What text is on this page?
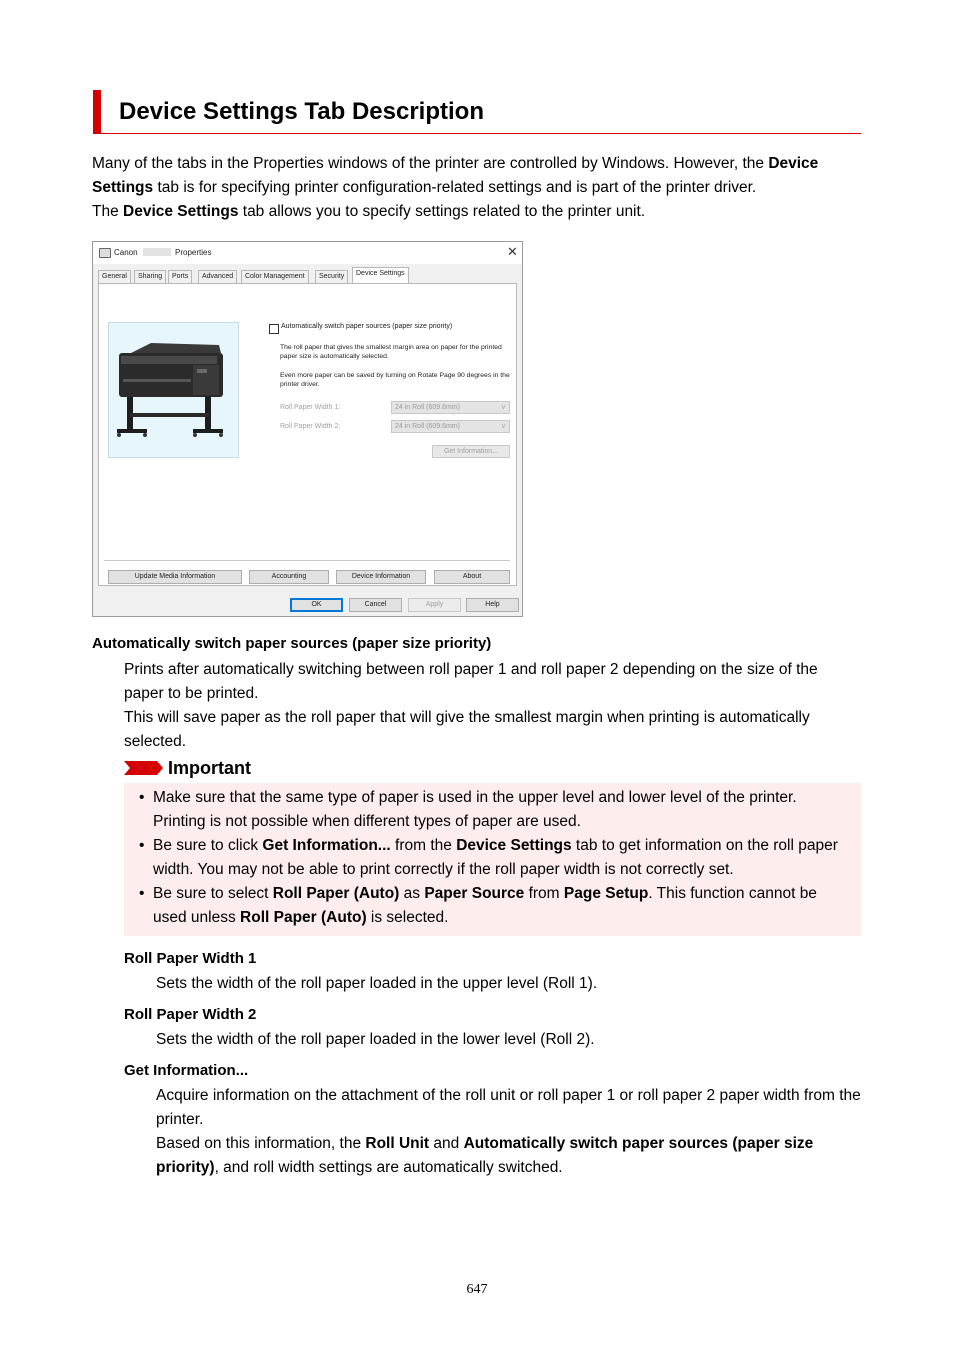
Device Settings Tab Description

Many of the tabs in the Properties windows of the printer are controlled by Windows. However, the Device Settings tab is for specifying printer configuration-related settings and is part of the printer driver.

The Device Settings tab allows you to specify settings related to the printer unit.

Canon	Properties	✕
General	Sharing	Ports	Advanced	Color Management	Security	Device Settings
Automatically switch paper sources (paper size priority)
The roll paper that gives the smallest margin area on paper for the printed paper size is automatically selected.
Even more paper can be saved by turning on Rotate Page 90 degrees in the printer driver.
Roll Paper Width 1:	24 in Roll (609.6mm)	∨
Roll Paper Width 2:	24 in Roll (609.6mm)	∨
Get Information...
Update Media Information	Accounting	Device Information	About
OK	Cancel	Apply	Help
Automatically switch paper sources (paper size priority)

Prints after automatically switching between roll paper 1 and roll paper 2 depending on the size of the paper to be printed.

This will save paper as the roll paper that will give the smallest margin when printing is automatically selected.

Important
• Make sure that the same type of paper is used in the upper level and lower level of the printer. Printing is not possible when different types of paper are used.
• Be sure to click Get Information... from the Device Settings tab to get information on the roll paper width. You may not be able to print correctly if the roll paper width is not correctly set.
• Be sure to select Roll Paper (Auto) as Paper Source from Page Setup. This function cannot be used unless Roll Paper (Auto) is selected.
Roll Paper Width 1
Sets the width of the roll paper loaded in the upper level (Roll 1).
Roll Paper Width 2
Sets the width of the roll paper loaded in the lower level (Roll 2).
Get Information...

Acquire information on the attachment of the roll unit or roll paper 1 or roll paper 2 paper width from the printer.

Based on this information, the Roll Unit and Automatically switch paper sources (paper size priority), and roll width settings are automatically switched.

647
